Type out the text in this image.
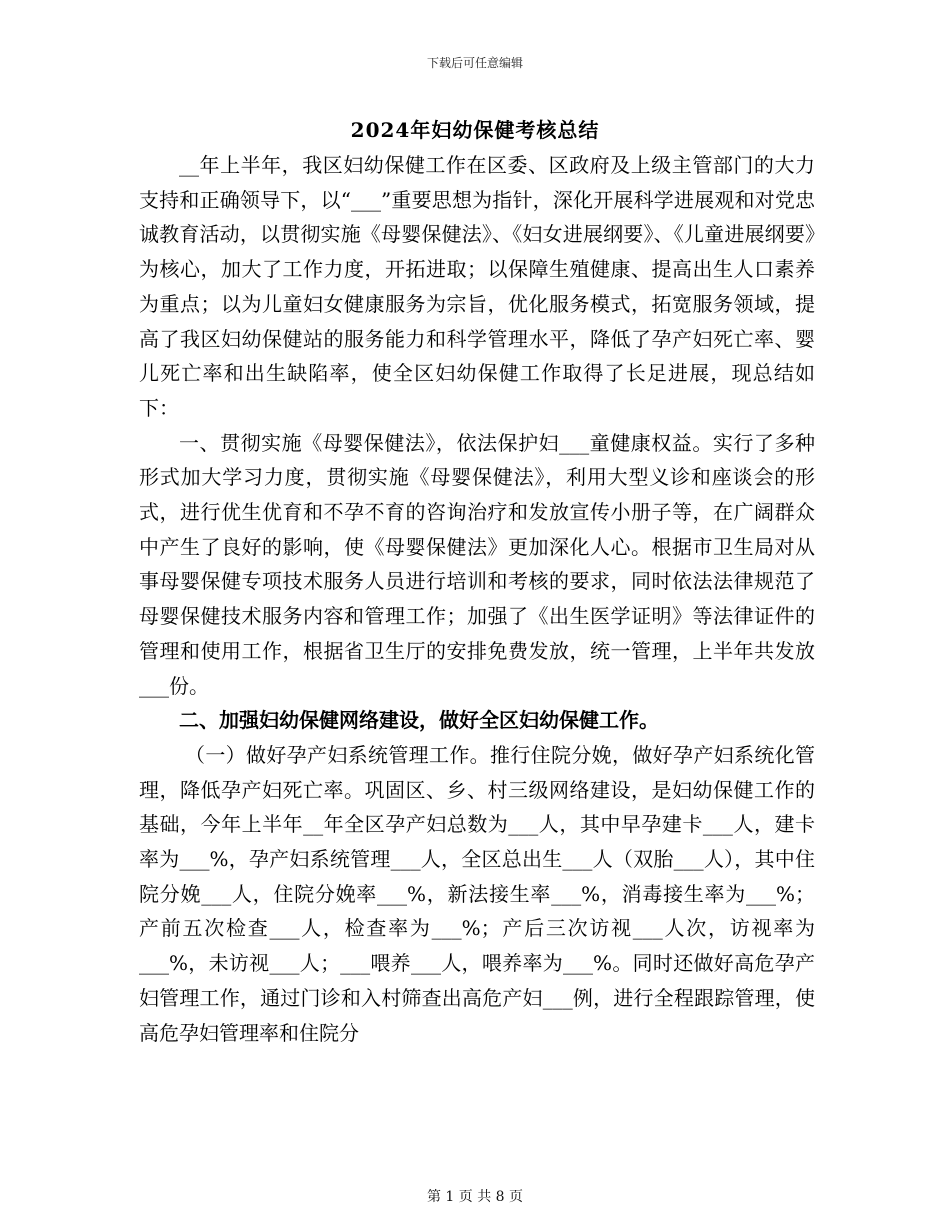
下载后可任意编辑
2024年妇幼保健考核总结

__年上半年，我区妇幼保健工作在区委、区政府及上级主管部门的大力支持和正确领导下，以“___”重要思想为指针，深化开展科学进展观和对党忠诚教育活动，以贯彻实施《母婴保健法》、《妇女进展纲要》、《儿童进展纲要》为核心，加大了工作力度，开拓进取；以保障生殖健康、提高出生人口素养为重点；以为儿童妇女健康服务为宗旨，优化服务模式，拓宽服务领域，提高了我区妇幼保健站的服务能力和科学管理水平，降低了孕产妇死亡率、婴儿死亡率和出生缺陷率，使全区妇幼保健工作取得了长足进展，现总结如下：

一、贯彻实施《母婴保健法》，依法保护妇___童健康权益。实行了多种形式加大学习力度，贯彻实施《母婴保健法》，利用大型义诊和座谈会的形式，进行优生优育和不孕不育的咨询治疗和发放宣传小册子等，在广阔群众中产生了良好的影响，使《母婴保健法》更加深化人心。根据市卫生局对从事母婴保健专项技术服务人员进行培训和考核的要求，同时依法法律规范了母婴保健技术服务内容和管理工作；加强了《出生医学证明》等法律证件的管理和使用工作，根据省卫生厅的安排免费发放，统一管理，上半年共发放___份。

二、加强妇幼保健网络建设，做好全区妇幼保健工作。

（一）做好孕产妇系统管理工作。推行住院分娩，做好孕产妇系统化管理，降低孕产妇死亡率。巩固区、乡、村三级网络建设，是妇幼保健工作的基础，今年上半年__年全区孕产妇总数为___人，其中早孕建卡___人，建卡率为___%，孕产妇系统管理___人，全区总出生___人（双胎___人），其中住院分娩___人，住院分娩率___%，新法接生率___%，消毒接生率为___%；产前五次检查___人，检查率为___%；产后三次访视___人次，访视率为___%，未访视___人；___喂养___人，喂养率为___%。同时还做好高危孕产妇管理工作，通过门诊和入村筛查出高危产妇___例，进行全程跟踪管理，使高危孕妇管理率和住院分

第 1 页 共 8 页
